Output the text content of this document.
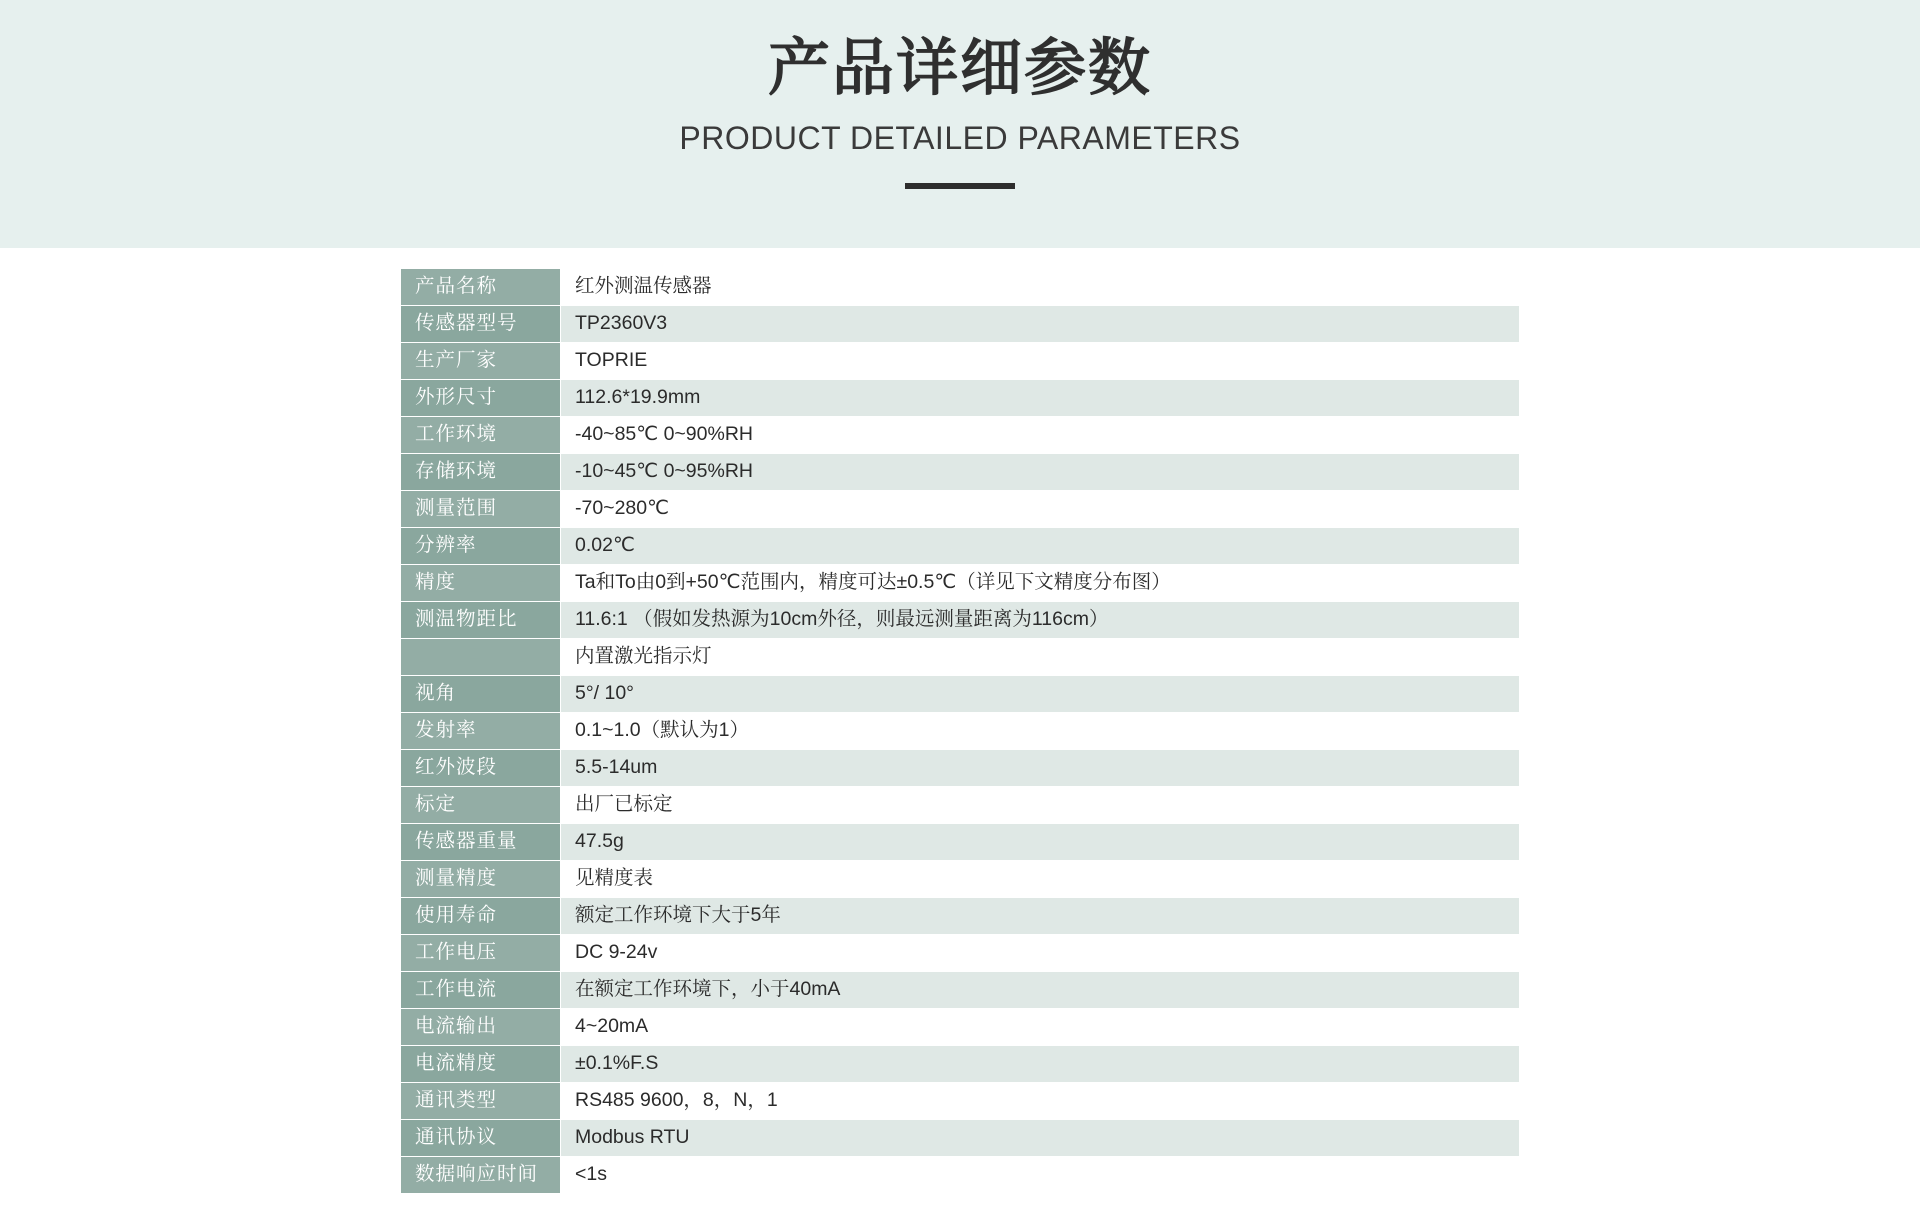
产品详细参数
PRODUCT DETAILED PARAMETERS
产品名称	红外测温传感器
传感器型号	TP2360V3
生产厂家	TOPRIE
外形尺寸	112.6*19.9mm
工作环境	-40~85℃ 0~90%RH
存储环境	-10~45℃ 0~95%RH
测量范围	-70~280℃
分辨率	0.02℃
精度	Ta和To由0到+50℃范围内，精度可达±0.5℃（详见下文精度分布图）
测温物距比	11.6:1 （假如发热源为10cm外径，则最远测量距离为116cm）
	内置激光指示灯
视角	5°/ 10°
发射率	0.1~1.0（默认为1）
红外波段	5.5-14um
标定	出厂已标定
传感器重量	47.5g
测量精度	见精度表
使用寿命	额定工作环境下大于5年
工作电压	DC 9-24v
工作电流	在额定工作环境下，小于40mA
电流输出	4~20mA
电流精度	±0.1%F.S
通讯类型	RS485 9600，8，N，1
通讯协议	Modbus RTU
数据响应时间	<1s
